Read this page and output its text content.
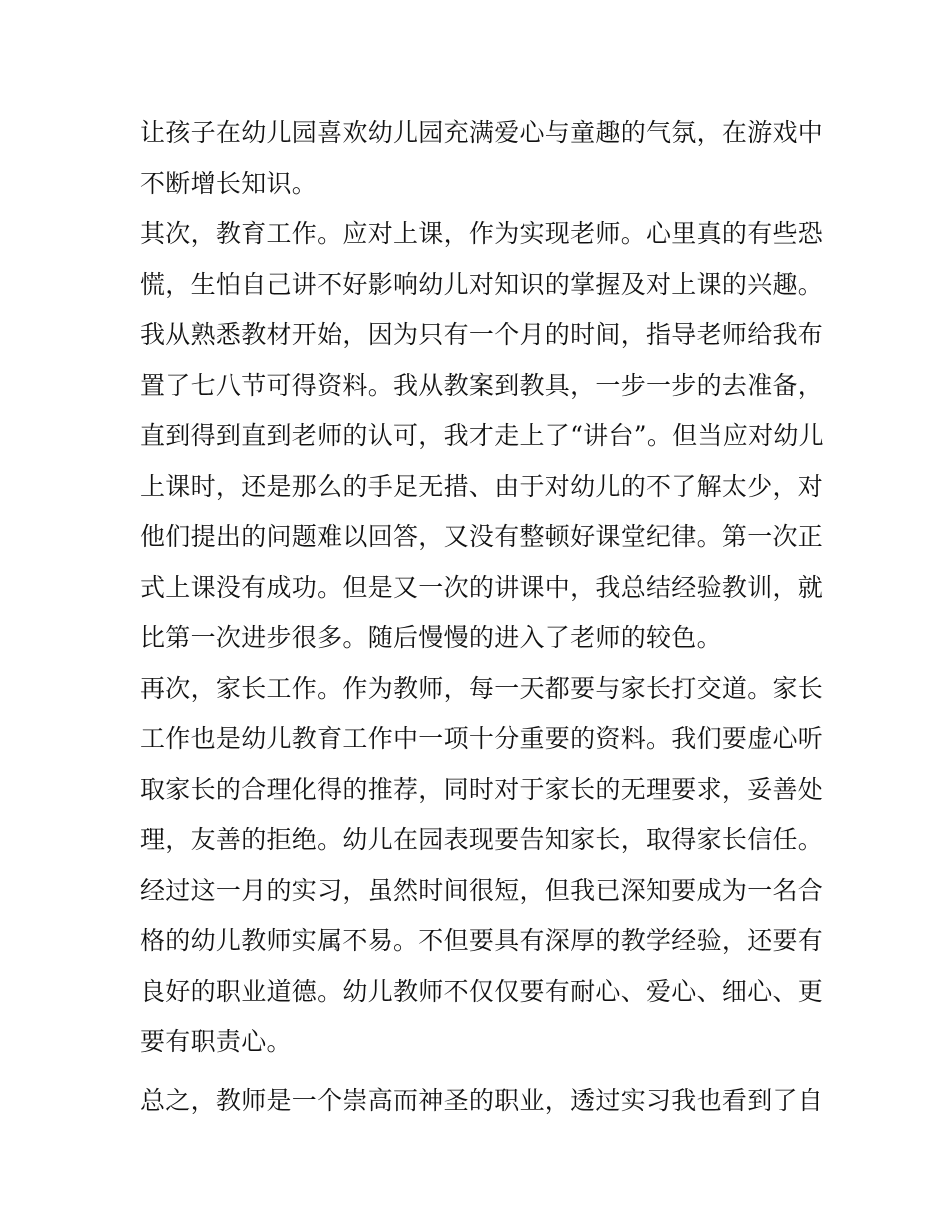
让孩子在幼儿园喜欢幼儿园充满爱心与童趣的气氛，在游戏中
不断增长知识。
其次，教育工作。应对上课，作为实现老师。心里真的有些恐
慌，生怕自己讲不好影响幼儿对知识的掌握及对上课的兴趣。
我从熟悉教材开始，因为只有一个月的时间，指导老师给我布
置了七八节可得资料。我从教案到教具，一步一步的去准备，
直到得到直到老师的认可，我才走上了“讲台”。但当应对幼儿
上课时，还是那么的手足无措、由于对幼儿的不了解太少，对
他们提出的问题难以回答，又没有整顿好课堂纪律。第一次正
式上课没有成功。但是又一次的讲课中，我总结经验教训，就
比第一次进步很多。随后慢慢的进入了老师的较色。
再次，家长工作。作为教师，每一天都要与家长打交道。家长
工作也是幼儿教育工作中一项十分重要的资料。我们要虚心听
取家长的合理化得的推荐，同时对于家长的无理要求，妥善处
理，友善的拒绝。幼儿在园表现要告知家长，取得家长信任。
经过这一月的实习，虽然时间很短，但我已深知要成为一名合
格的幼儿教师实属不易。不但要具有深厚的教学经验，还要有
良好的职业道德。幼儿教师不仅仅要有耐心、爱心、细心、更
要有职责心。
总之，教师是一个崇高而神圣的职业，透过实习我也看到了自
